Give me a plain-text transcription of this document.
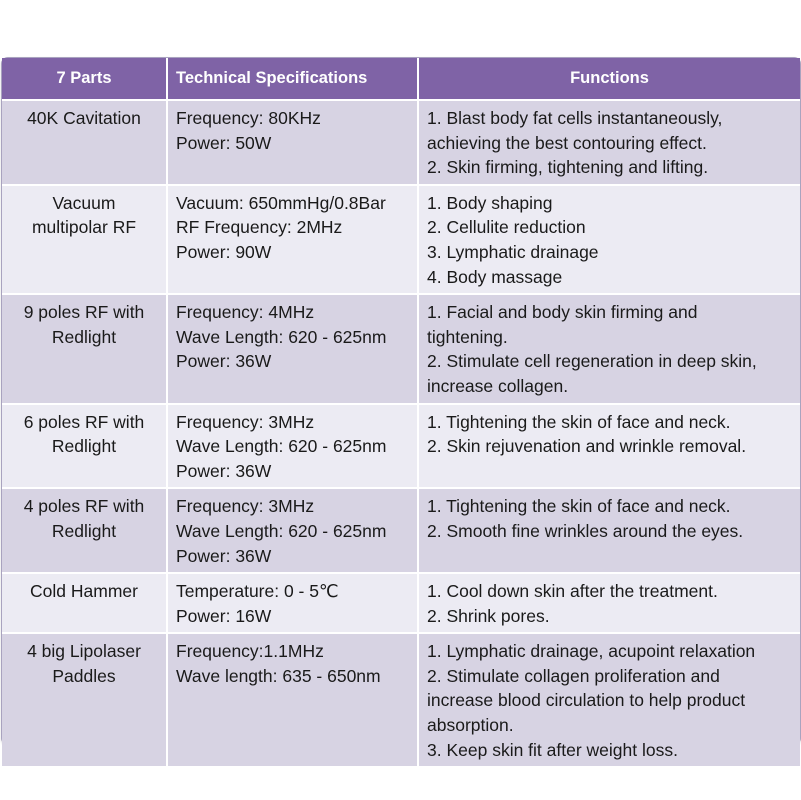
7 Parts	Technical Specifications	Functions

40K Cavitation	Frequency: 80KHz
Power: 50W	1. Blast body fat cells instantaneously,
achieving the best contouring effect.
2. Skin firming, tightening and lifting.

Vacuum
multipolar RF	Vacuum: 650mmHg/0.8Bar
RF Frequency: 2MHz
Power: 90W	1. Body shaping
2. Cellulite reduction
3. Lymphatic drainage
4. Body massage

9 poles RF with
Redlight	Frequency: 4MHz
Wave Length: 620 - 625nm
Power: 36W	1. Facial and body skin firming and
tightening.
2. Stimulate cell regeneration in deep skin,
increase collagen.

6 poles RF with
Redlight	Frequency: 3MHz
Wave Length: 620 - 625nm
Power: 36W	1. Tightening the skin of face and neck.
2. Skin rejuvenation and wrinkle removal.

4 poles RF with
Redlight	Frequency: 3MHz
Wave Length: 620 - 625nm
Power: 36W	1. Tightening the skin of face and neck.
2. Smooth fine wrinkles around the eyes.

Cold Hammer	Temperature: 0 - 5℃
Power: 16W	1. Cool down skin after the treatment.
2. Shrink pores.

4 big Lipolaser
Paddles	Frequency:1.1MHz
Wave length: 635 - 650nm	1. Lymphatic drainage, acupoint relaxation
2. Stimulate collagen proliferation and
increase blood circulation to help product
absorption.
3. Keep skin fit after weight loss.
